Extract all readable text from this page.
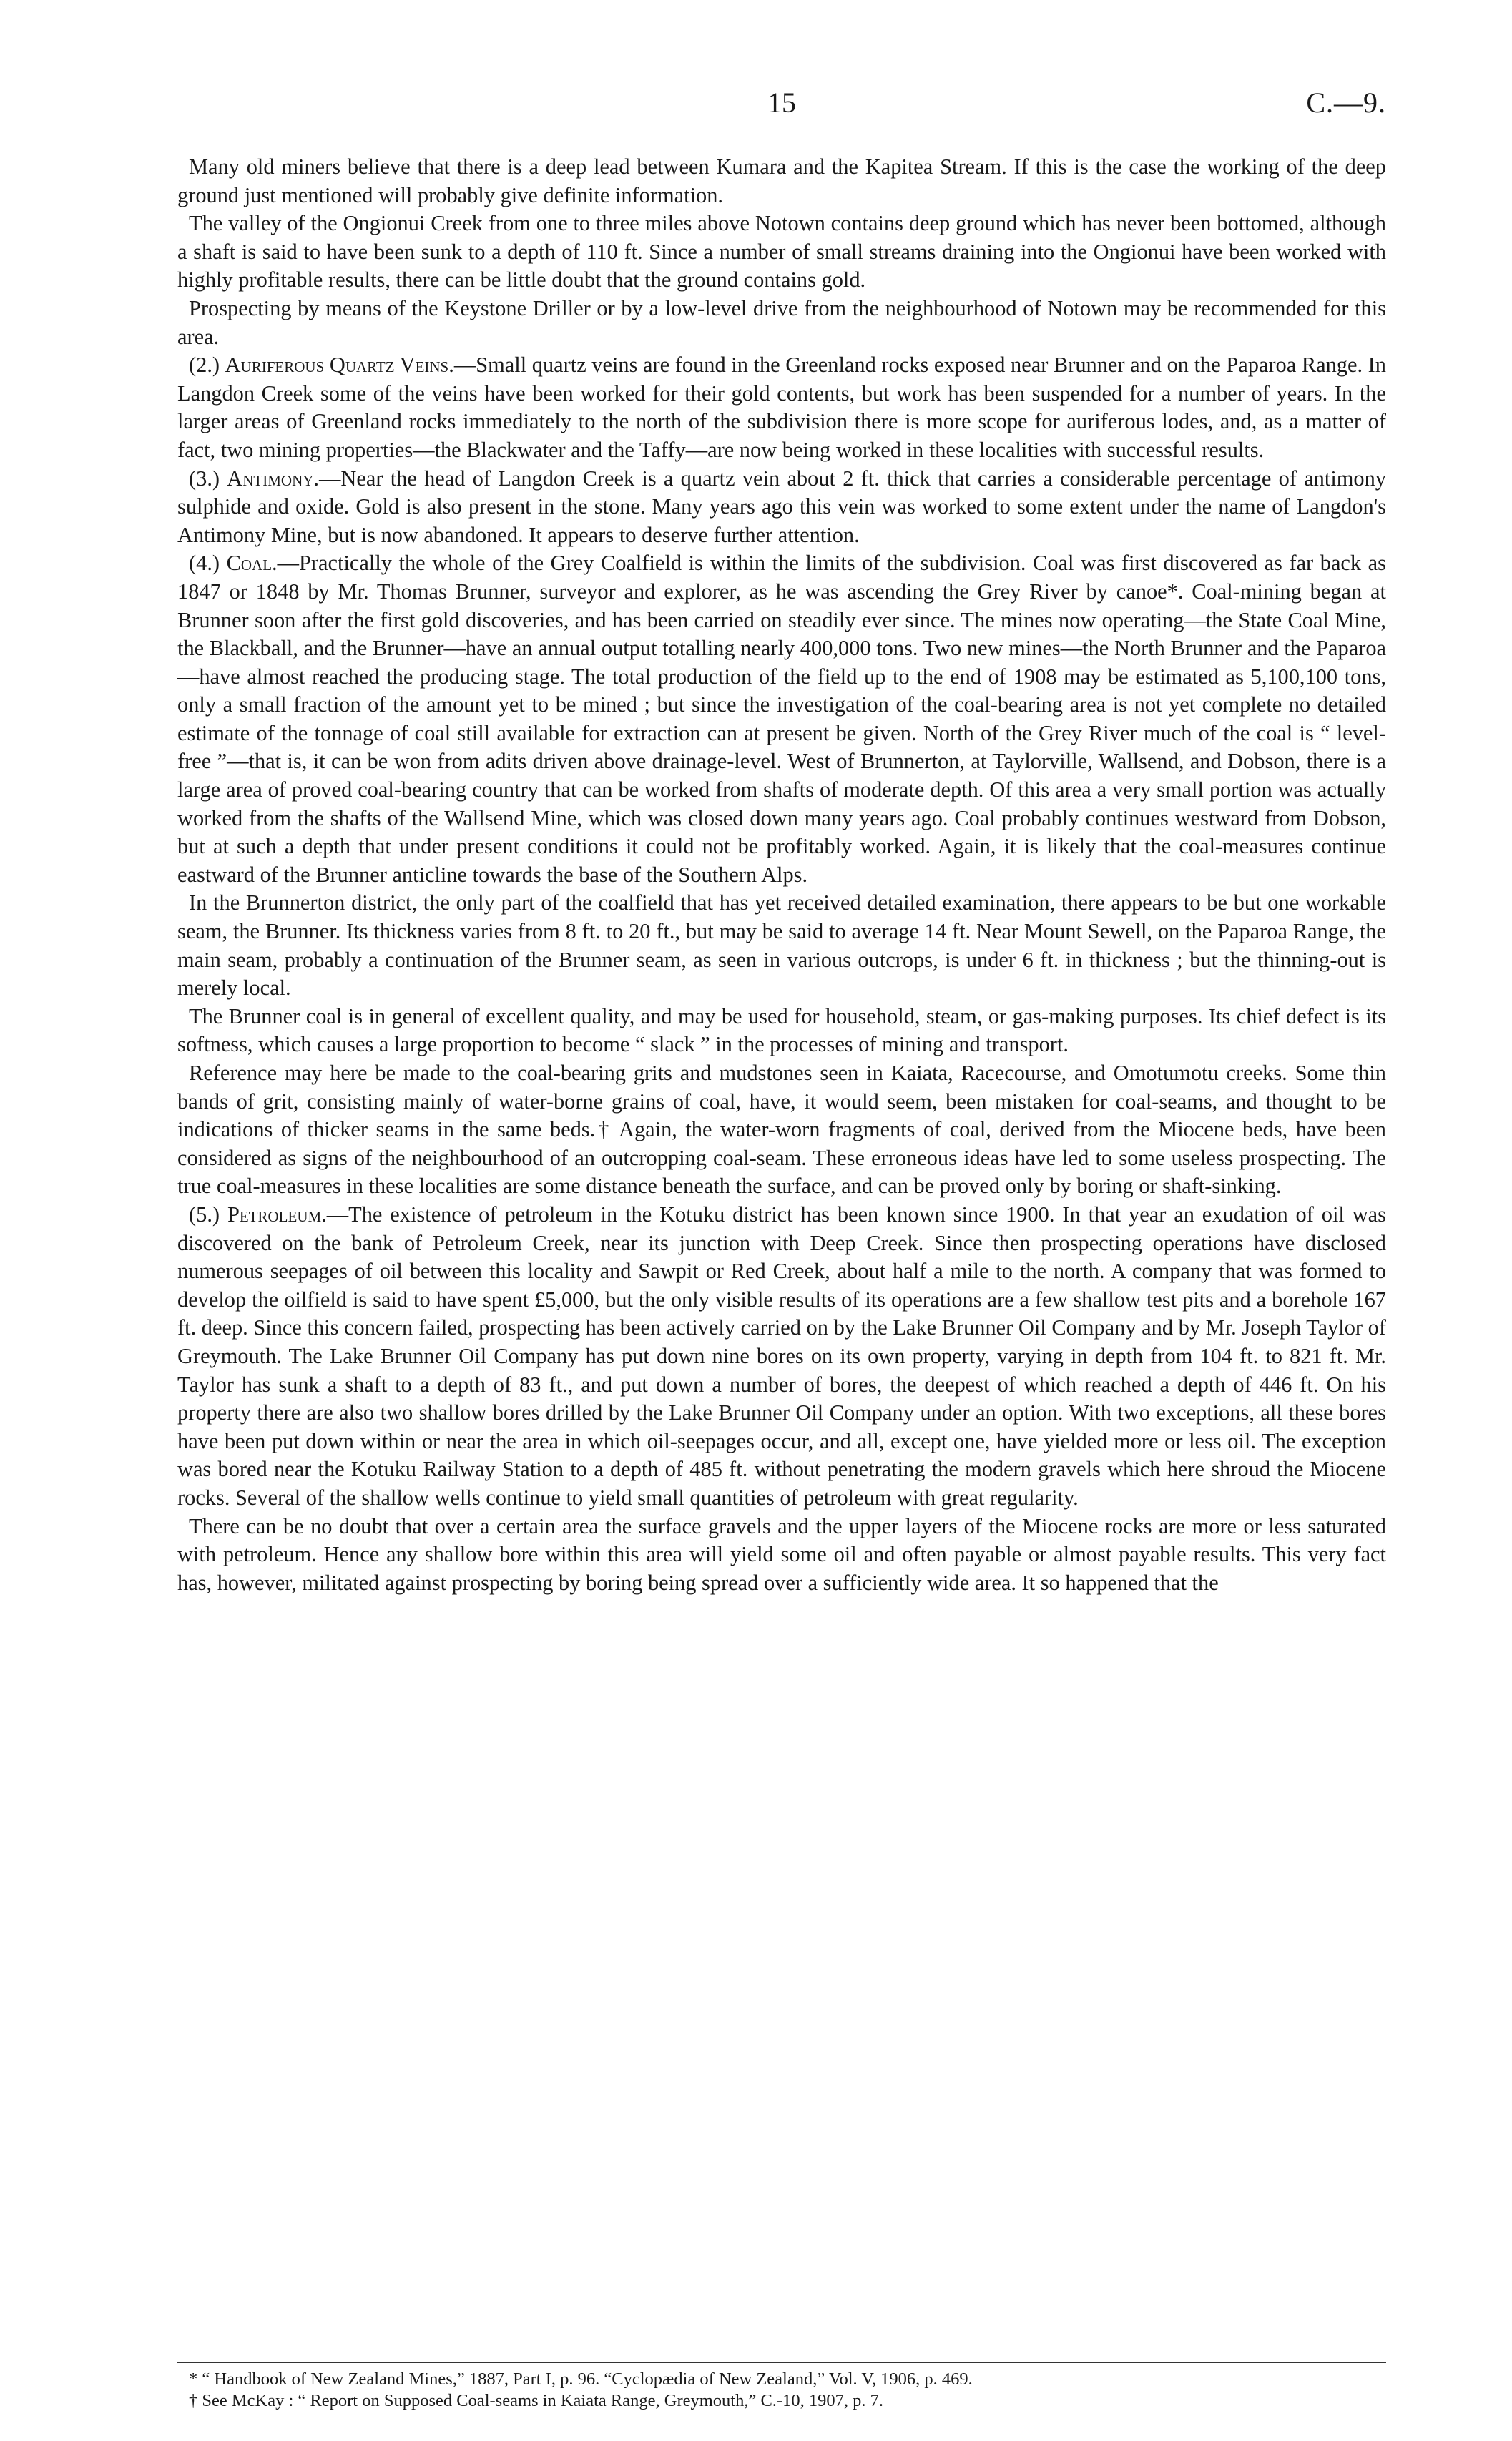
15	C.—9.

Many old miners believe that there is a deep lead between Kumara and the Kapitea Stream. If this is the case the working of the deep ground just mentioned will probably give definite information.

The valley of the Ongionui Creek from one to three miles above Notown contains deep ground which has never been bottomed, although a shaft is said to have been sunk to a depth of 110 ft. Since a number of small streams draining into the Ongionui have been worked with highly profitable results, there can be little doubt that the ground contains gold.

Prospecting by means of the Keystone Driller or by a low-level drive from the neighbourhood of Notown may be recommended for this area.

(2.) Auriferous Quartz Veins.—Small quartz veins are found in the Greenland rocks exposed near Brunner and on the Paparoa Range. In Langdon Creek some of the veins have been worked for their gold contents, but work has been suspended for a number of years. In the larger areas of Greenland rocks immediately to the north of the subdivision there is more scope for auriferous lodes, and, as a matter of fact, two mining properties—the Blackwater and the Taffy—are now being worked in these localities with successful results.

(3.) Antimony.—Near the head of Langdon Creek is a quartz vein about 2 ft. thick that carries a considerable percentage of antimony sulphide and oxide. Gold is also present in the stone. Many years ago this vein was worked to some extent under the name of Langdon's Antimony Mine, but is now abandoned. It appears to deserve further attention.

(4.) Coal.—Practically the whole of the Grey Coalfield is within the limits of the subdivision. Coal was first discovered as far back as 1847 or 1848 by Mr. Thomas Brunner, surveyor and explorer, as he was ascending the Grey River by canoe*. Coal-mining began at Brunner soon after the first gold discoveries, and has been carried on steadily ever since. The mines now operating—the State Coal Mine, the Blackball, and the Brunner—have an annual output totalling nearly 400,000 tons. Two new mines—the North Brunner and the Paparoa—have almost reached the producing stage. The total production of the field up to the end of 1908 may be estimated as 5,100,100 tons, only a small fraction of the amount yet to be mined ; but since the investigation of the coal-bearing area is not yet complete no detailed estimate of the tonnage of coal still available for extraction can at present be given. North of the Grey River much of the coal is “ level-free ”—that is, it can be won from adits driven above drainage-level. West of Brunnerton, at Taylorville, Wallsend, and Dobson, there is a large area of proved coal-bearing country that can be worked from shafts of moderate depth. Of this area a very small portion was actually worked from the shafts of the Wallsend Mine, which was closed down many years ago. Coal probably continues westward from Dobson, but at such a depth that under present conditions it could not be profitably worked. Again, it is likely that the coal-measures continue eastward of the Brunner anticline towards the base of the Southern Alps.

In the Brunnerton district, the only part of the coalfield that has yet received detailed examination, there appears to be but one workable seam, the Brunner. Its thickness varies from 8 ft. to 20 ft., but may be said to average 14 ft. Near Mount Sewell, on the Paparoa Range, the main seam, probably a continuation of the Brunner seam, as seen in various outcrops, is under 6 ft. in thickness ; but the thinning-out is merely local.

The Brunner coal is in general of excellent quality, and may be used for household, steam, or gas-making purposes. Its chief defect is its softness, which causes a large proportion to become “ slack ” in the processes of mining and transport.

Reference may here be made to the coal-bearing grits and mudstones seen in Kaiata, Racecourse, and Omotumotu creeks. Some thin bands of grit, consisting mainly of water-borne grains of coal, have, it would seem, been mistaken for coal-seams, and thought to be indications of thicker seams in the same beds.† Again, the water-worn fragments of coal, derived from the Miocene beds, have been considered as signs of the neighbourhood of an outcropping coal-seam. These erroneous ideas have led to some useless prospecting. The true coal-measures in these localities are some distance beneath the surface, and can be proved only by boring or shaft-sinking.

(5.) Petroleum.—The existence of petroleum in the Kotuku district has been known since 1900. In that year an exudation of oil was discovered on the bank of Petroleum Creek, near its junction with Deep Creek. Since then prospecting operations have disclosed numerous seepages of oil between this locality and Sawpit or Red Creek, about half a mile to the north. A company that was formed to develop the oilfield is said to have spent £5,000, but the only visible results of its operations are a few shallow test pits and a borehole 167 ft. deep. Since this concern failed, prospecting has been actively carried on by the Lake Brunner Oil Company and by Mr. Joseph Taylor of Greymouth. The Lake Brunner Oil Company has put down nine bores on its own property, varying in depth from 104 ft. to 821 ft. Mr. Taylor has sunk a shaft to a depth of 83 ft., and put down a number of bores, the deepest of which reached a depth of 446 ft. On his property there are also two shallow bores drilled by the Lake Brunner Oil Company under an option. With two exceptions, all these bores have been put down within or near the area in which oil-seepages occur, and all, except one, have yielded more or less oil. The exception was bored near the Kotuku Railway Station to a depth of 485 ft. without penetrating the modern gravels which here shroud the Miocene rocks. Several of the shallow wells continue to yield small quantities of petroleum with great regularity.

There can be no doubt that over a certain area the surface gravels and the upper layers of the Miocene rocks are more or less saturated with petroleum. Hence any shallow bore within this area will yield some oil and often payable or almost payable results. This very fact has, however, militated against prospecting by boring being spread over a sufficiently wide area. It so happened that the

* “ Handbook of New Zealand Mines,” 1887, Part I, p. 96. “Cyclopædia of New Zealand,” Vol. V, 1906, p. 469.

† See McKay : “ Report on Supposed Coal-seams in Kaiata Range, Greymouth,” C.-10, 1907, p. 7.
